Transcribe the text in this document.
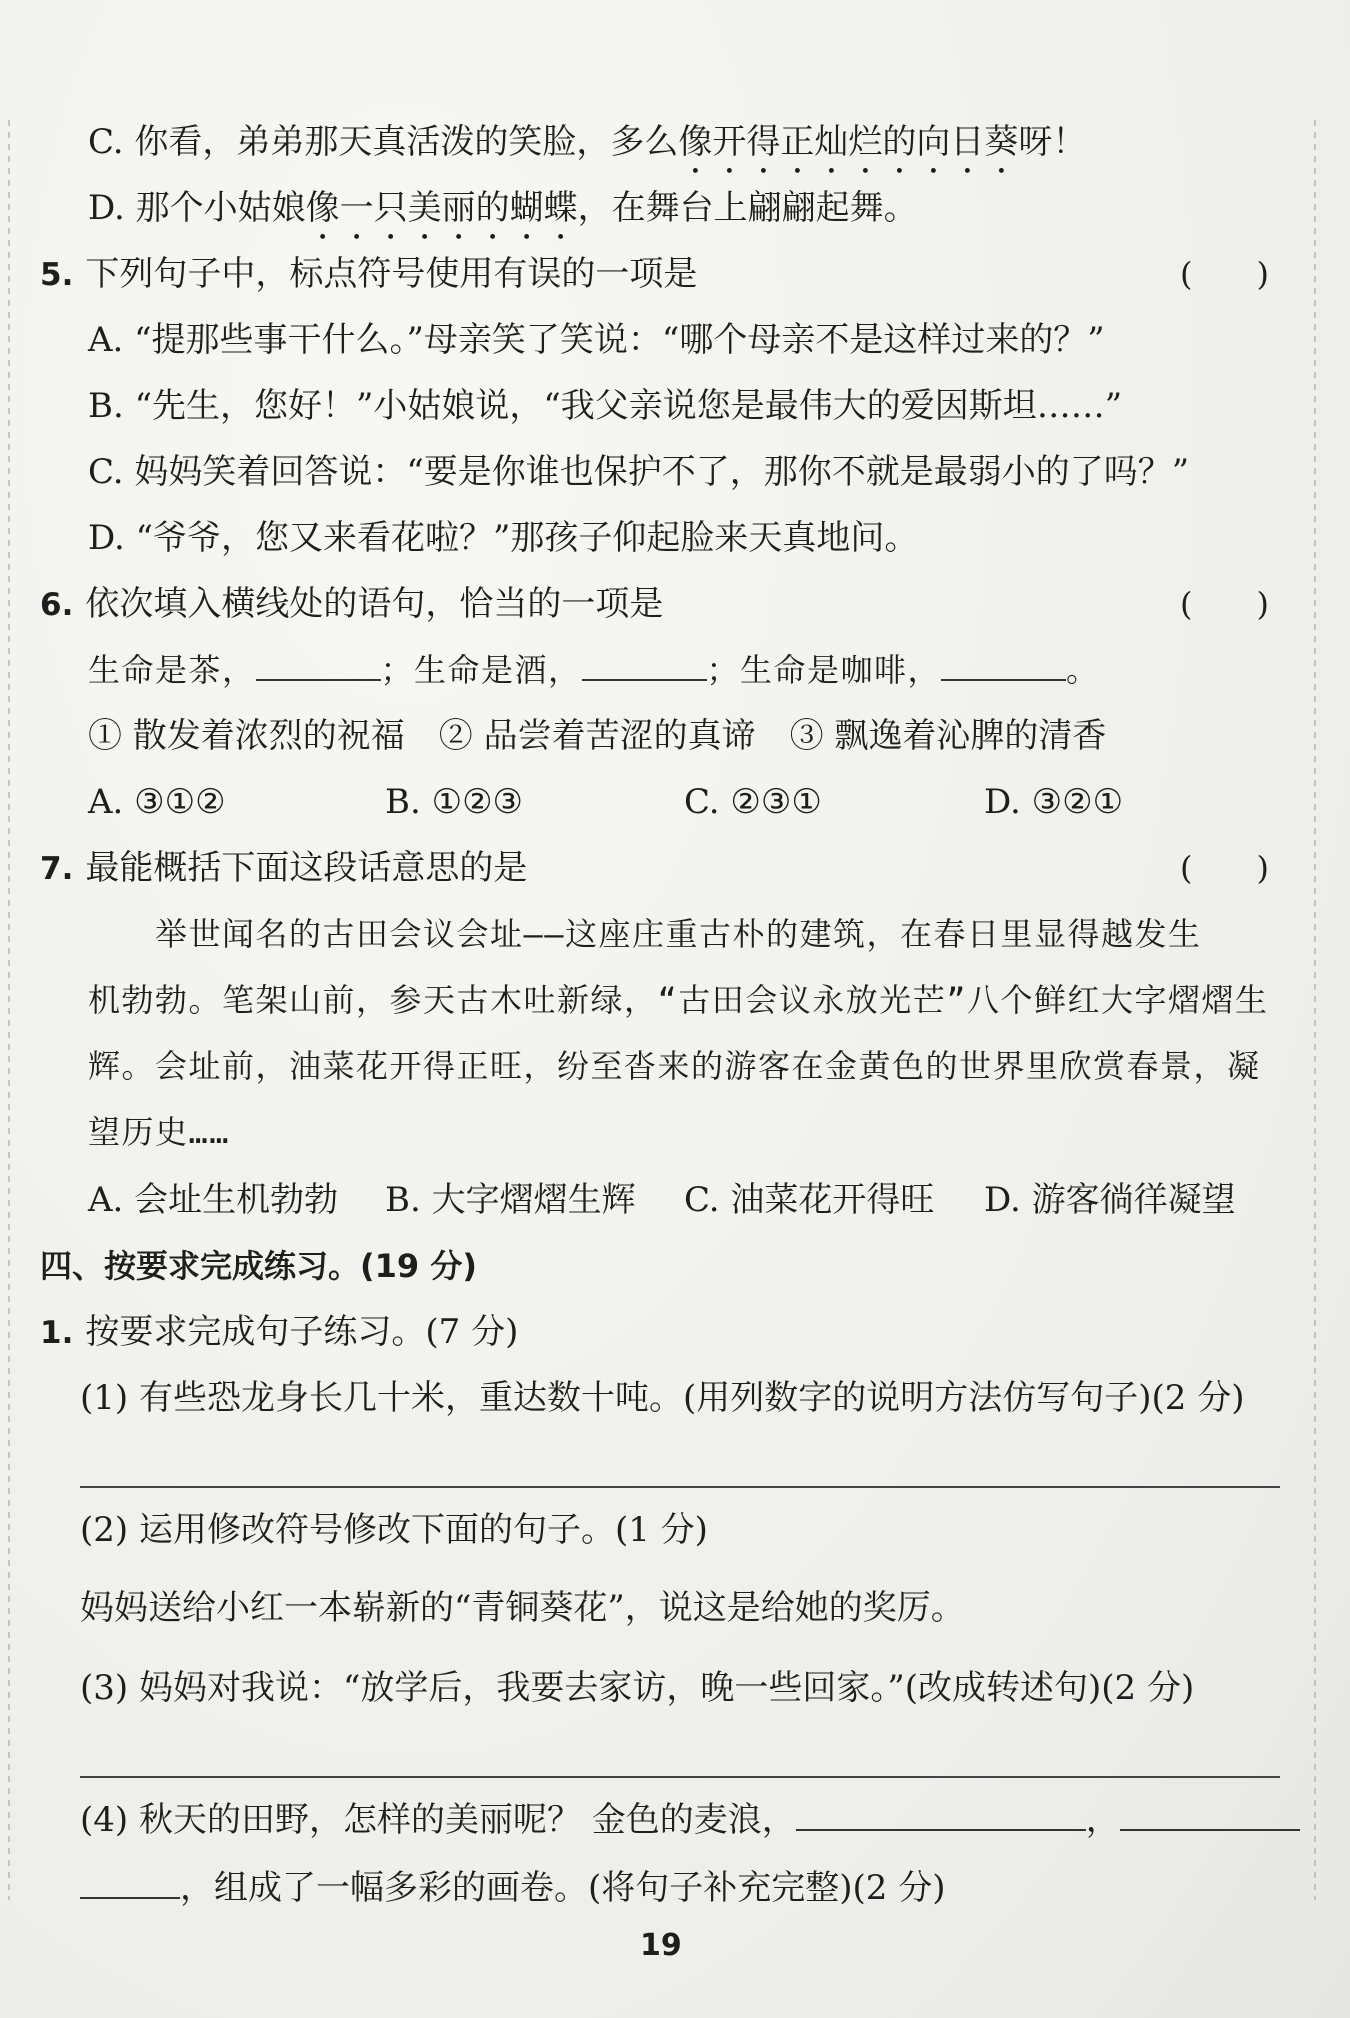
C. 你看，弟弟那天真活泼的笑脸，多么像开得正灿烂的向日葵呀！
D. 那个小姑娘像一只美丽的蝴蝶，在舞台上翩翩起舞。
5. 下列句子中，标点符号使用有误的一项是	(　　)
A. “提那些事干什么。”母亲笑了笑说：“哪个母亲不是这样过来的？”
B. “先生，您好！”小姑娘说，“我父亲说您是最伟大的爱因斯坦……”
C. 妈妈笑着回答说：“要是你谁也保护不了，那你不就是最弱小的了吗？”
D. “爷爷，您又来看花啦？”那孩子仰起脸来天真地问。
6. 依次填入横线处的语句，恰当的一项是	(　　)
生命是茶，	；生命是酒，	；生命是咖啡，	。
① 散发着浓烈的祝福　② 品尝着苦涩的真谛　③ 飘逸着沁脾的清香
A. ③①②	B. ①②③	C. ②③①	D. ③②①
7. 最能概括下面这段话意思的是	(　　)
　　举世闻名的古田会议会址——这座庄重古朴的建筑，在春日里显得越发生
机勃勃。笔架山前，参天古木吐新绿，“古田会议永放光芒”八个鲜红大字熠熠生
辉。会址前，油菜花开得正旺，纷至沓来的游客在金黄色的世界里欣赏春景，凝
望历史……
A. 会址生机勃勃 B. 大字熠熠生辉 C. 油菜花开得旺 D. 游客徜徉凝望
四、按要求完成练习。(19 分)
1. 按要求完成句子练习。(7 分)
(1) 有些恐龙身长几十米，重达数十吨。(用列数字的说明方法仿写句子)(2 分)
(2) 运用修改符号修改下面的句子。(1 分)
妈妈送给小红一本崭新的“青铜葵花”，说这是给她的奖厉。
(3) 妈妈对我说：“放学后，我要去家访，晚一些回家。”(改成转述句)(2 分)
(4) 秋天的田野，怎样的美丽呢？ 金色的麦浪，	，
，组成了一幅多彩的画卷。(将句子补充完整)(2 分)
19
